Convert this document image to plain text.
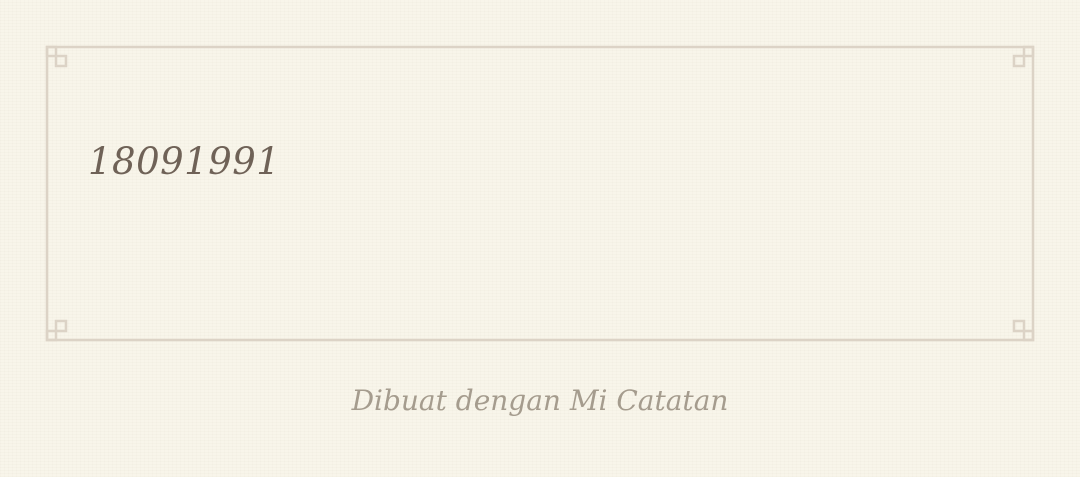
18091991
Dibuat dengan Mi Catatan
